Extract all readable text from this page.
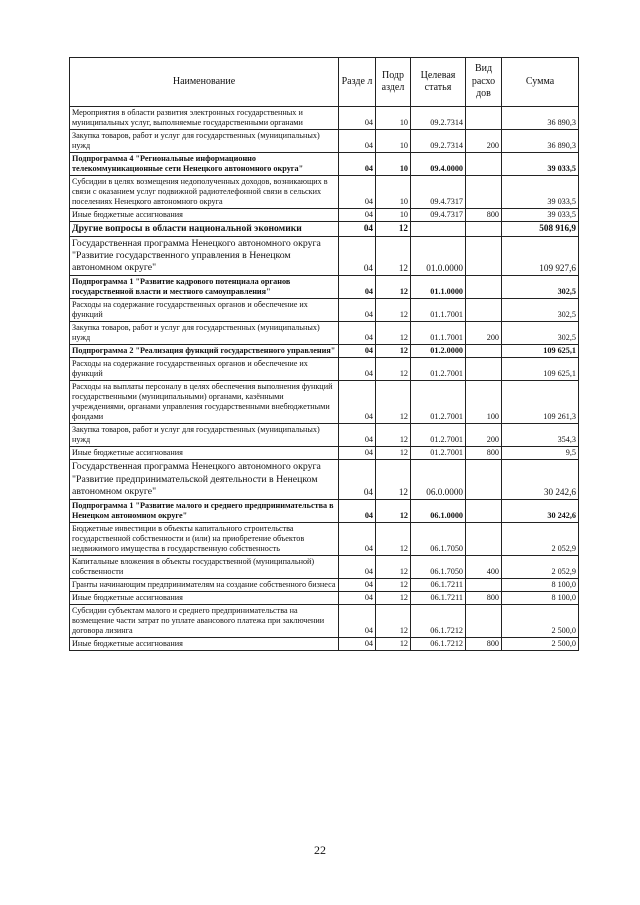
Наименование	Разде л	Подр аздел	Целевая статья	Вид расхо дов	Сумма
Мероприятия в области развития электронных государственных и муниципальных услуг, выполняемые государственными органами	04	10	09.2.7314		36 890,3
Закупка товаров, работ и услуг для государственных (муниципальных) нужд	04	10	09.2.7314	200	36 890,3
Подпрограмма 4 "Региональные информационно телекоммуникационные сети Ненецкого автономного округа"	04	10	09.4.0000		39 033,5
Субсидии в целях возмещения недополученных доходов, возникающих в связи с оказанием услуг подвижной радиотелефонной связи в сельских поселениях Ненецкого автономного округа	04	10	09.4.7317		39 033,5
Иные бюджетные ассигнования	04	10	09.4.7317	800	39 033,5
Другие вопросы в области национальной экономики	04	12			508 916,9
Государственная программа Ненецкого автономного округа "Развитие государственного управления в Ненецком автономном округе"	04	12	01.0.0000		109 927,6
Подпрограмма 1 "Развитие кадрового потенциала органов государственной власти и местного самоуправления"	04	12	01.1.0000		302,5
Расходы на содержание государственных органов и обеспечение их функций	04	12	01.1.7001		302,5
Закупка товаров, работ и услуг для государственных (муниципальных) нужд	04	12	01.1.7001	200	302,5
Подпрограмма 2 "Реализация функций государственного управления"	04	12	01.2.0000		109 625,1
Расходы на содержание государственных органов и обеспечение их функций	04	12	01.2.7001		109 625,1
Расходы на выплаты персоналу в целях обеспечения выполнения функций государственными (муниципальными) органами, казёнными учреждениями, органами управления государственными внебюджетными фондами	04	12	01.2.7001	100	109 261,3
Закупка товаров, работ и услуг для государственных (муниципальных) нужд	04	12	01.2.7001	200	354,3
Иные бюджетные ассигнования	04	12	01.2.7001	800	9,5
Государственная программа Ненецкого автономного округа "Развитие предпринимательской деятельности в Ненецком автономном округе"	04	12	06.0.0000		30 242,6
Подпрограмма 1 "Развитие малого и среднего предпринимательства в Ненецком автономном округе"	04	12	06.1.0000		30 242,6
Бюджетные инвестиции в объекты капитального строительства государственной собственности и (или) на приобретение объектов недвижимого имущества в государственную собственность	04	12	06.1.7050		2 052,9
Капитальные вложения в объекты государственной (муниципальной) собственности	04	12	06.1.7050	400	2 052,9
Гранты начинающим предпринимателям на создание собственного бизнеса	04	12	06.1.7211		8 100,0
Иные бюджетные ассигнования	04	12	06.1.7211	800	8 100,0
Субсидии субъектам малого и среднего предпринимательства на возмещение части затрат по уплате авансового платежа при заключении договора лизинга	04	12	06.1.7212		2 500,0
Иные бюджетные ассигнования	04	12	06.1.7212	800	2 500,0
22
